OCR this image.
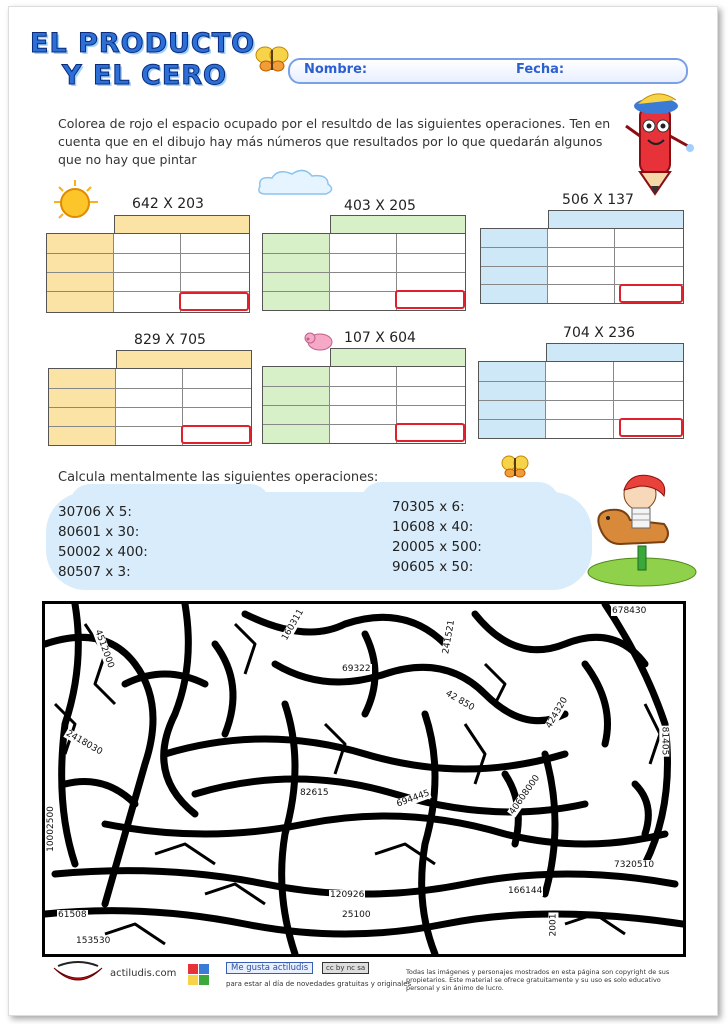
EL PRODUCTO
Y EL CERO	Nombre:	Fecha:
Colorea de rojo el espacio ocupado por el resultdo de las siguientes operaciones. Ten en cuenta que en el dibujo hay más números que resultados por lo que quedarán algunos que no hay que pintar
642 X 203	403 X 205	506 X 137
829 X 705	107 X 604	704 X 236
Calcula mentalmente las siguientes operaciones:
30706 X 5:
80601 x 30:
50002 x 400:
80507 x 3:
70305 x 6:
10608 x 40:
20005 x 500:
90605 x 50:
678430
4512000
160311	241521
69322
42 850	424320
2418030	81405
82615	694445	40608000
10002500
7320510
120926	166144
25100
153530
61508	2001
actiludis.com	Me gusta actiludis
para estar al día de novedades gratuitas y originales
cc by nc sa	Todas las imágenes y personajes mostrados en esta página son copyright de sus propietarios. Este material se ofrece gratuitamente y su uso es solo educativo personal y sin ánimo de lucro.
